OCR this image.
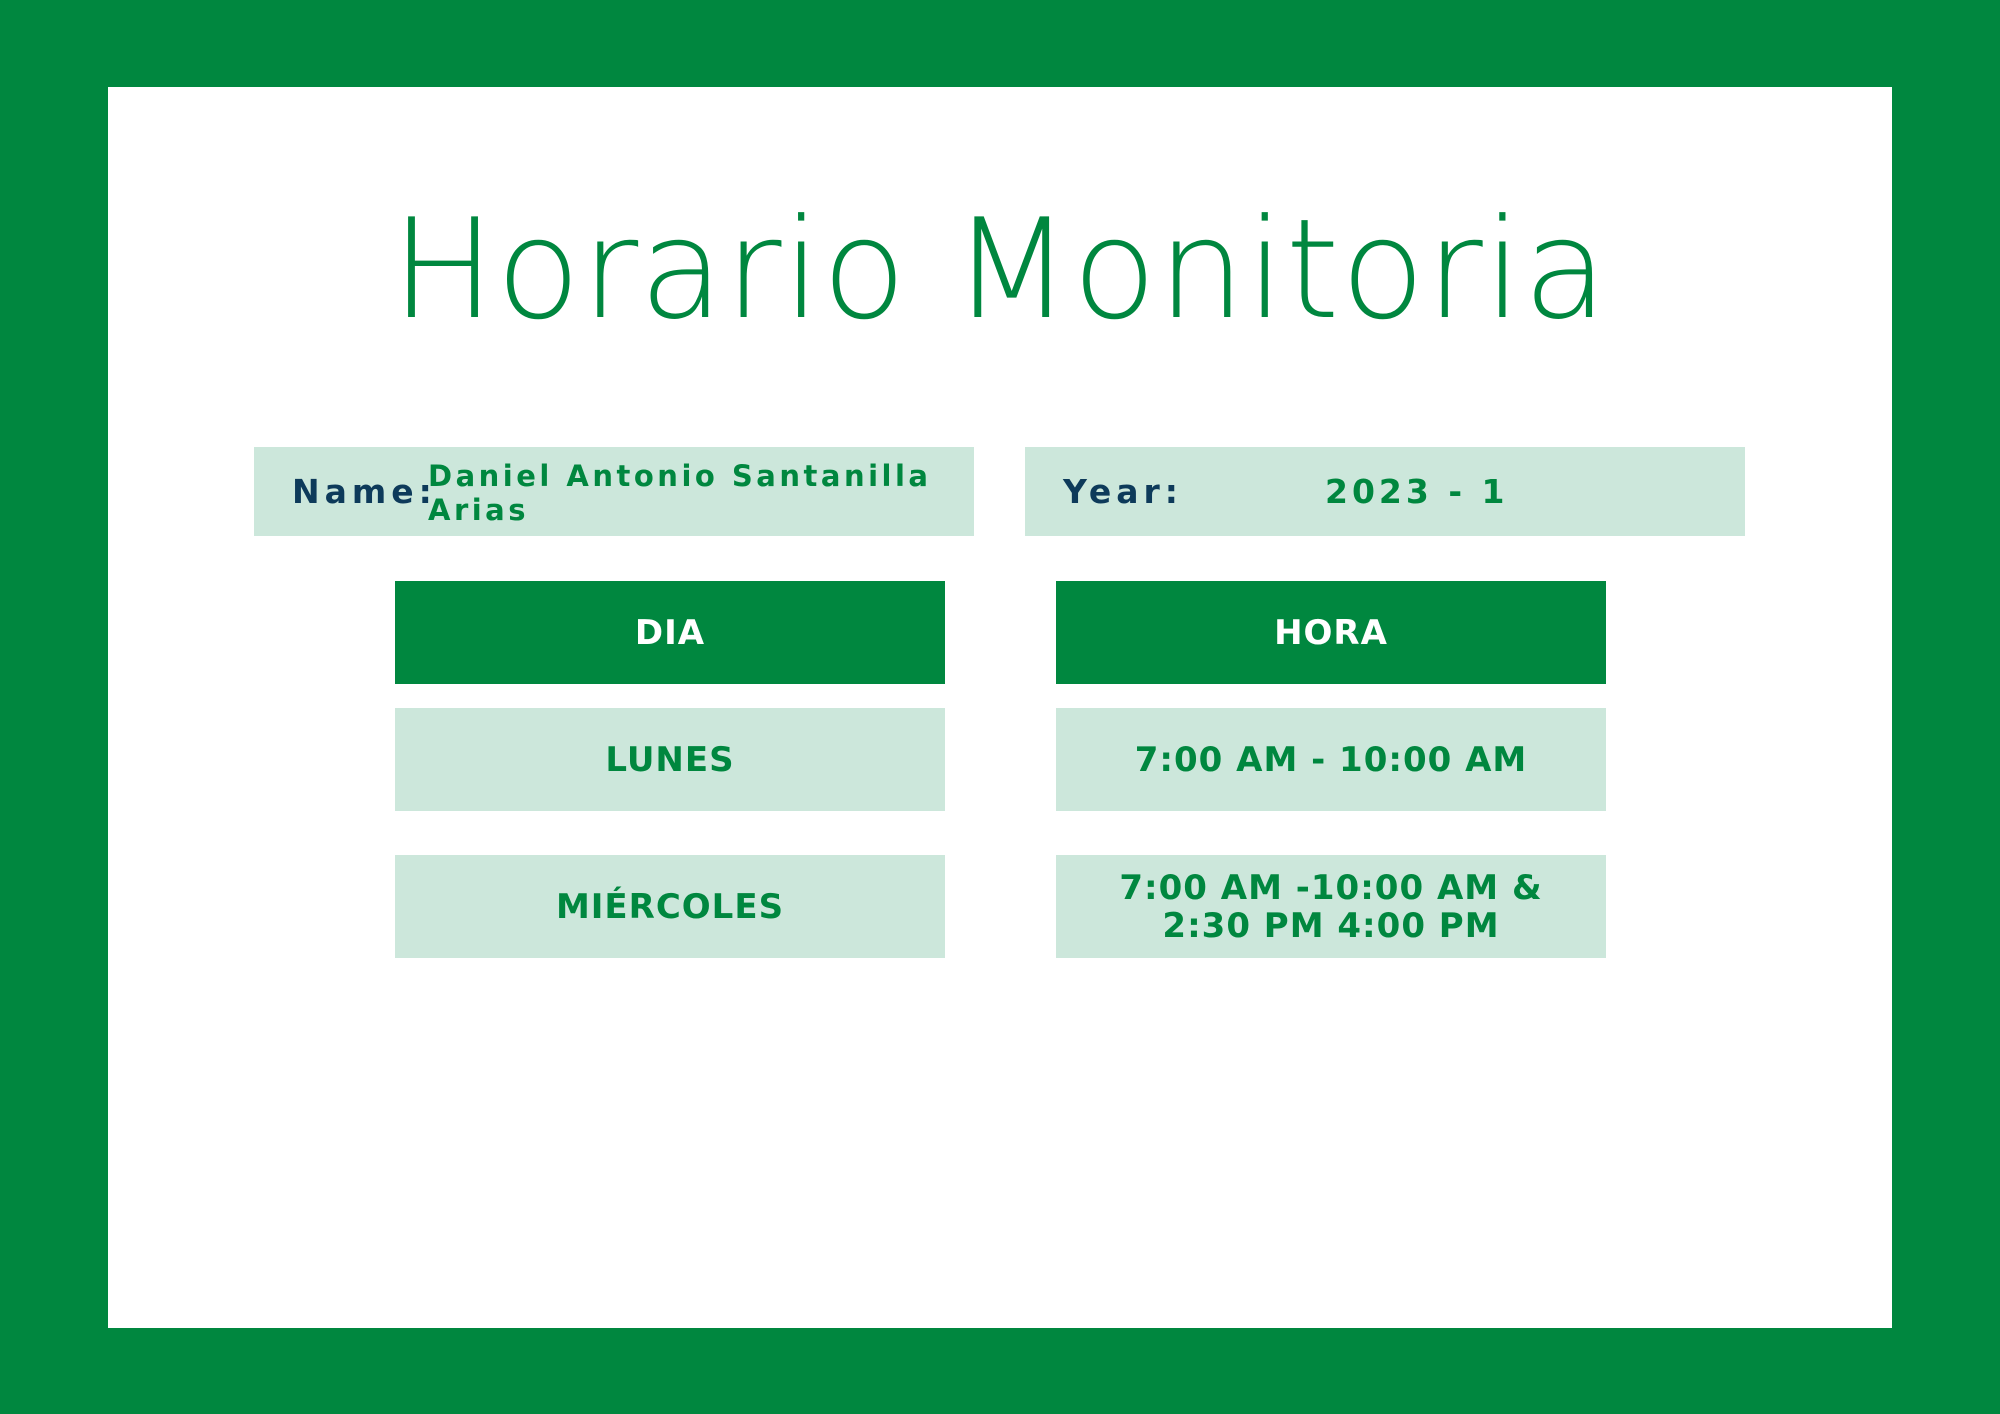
Horario Monitoria
Name:
Daniel Antonio Santanilla Arias	Year:	2023 - 1
DIA	HORA
LUNES	7:00 AM - 10:00 AM
MIÉRCOLES	7:00 AM -10:00 AM &
2:30 PM 4:00 PM
